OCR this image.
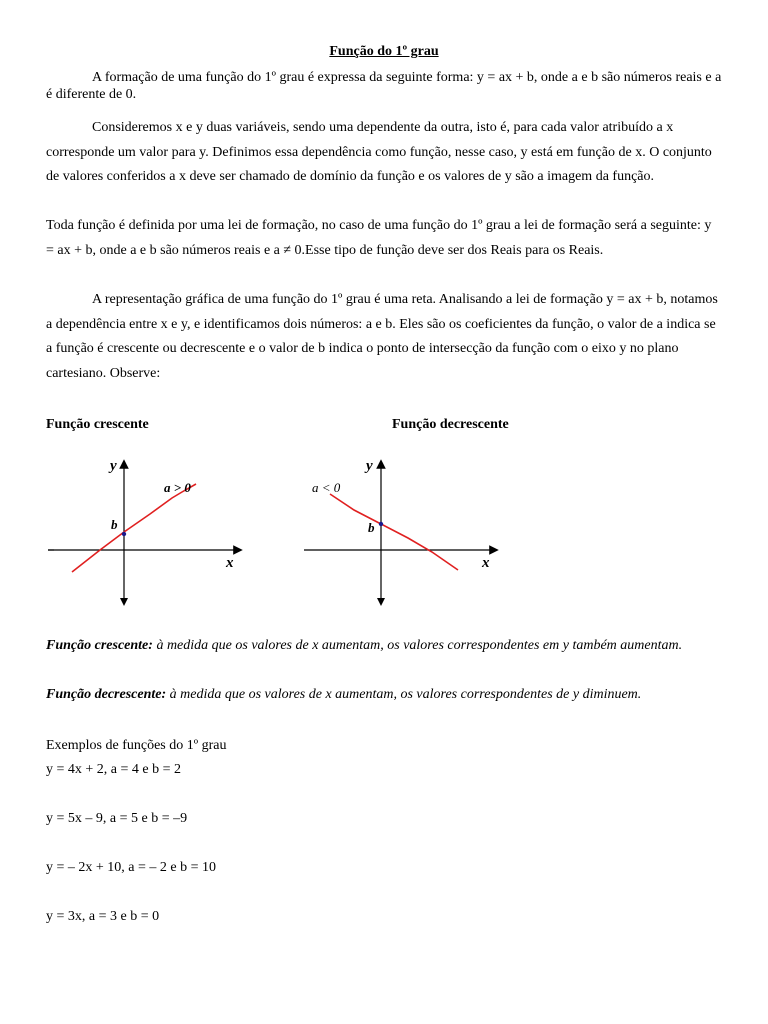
Função do 1º grau

A formação de uma função do 1º grau é expressa da seguinte forma: y = ax + b, onde a e b são números reais e a é diferente de 0.

Consideremos x e y duas variáveis, sendo uma dependente da outra, isto é, para cada valor atribuído a x corresponde um valor para y. Definimos essa dependência como função, nesse caso, y está em função de x. O conjunto de valores conferidos a x deve ser chamado de domínio da função e os valores de y são a imagem da função.

Toda função é definida por uma lei de formação, no caso de uma função do 1º grau a lei de formação será a seguinte: y = ax + b, onde a e b são números reais e a ≠ 0.Esse tipo de função deve ser dos Reais para os Reais.

A representação gráfica de uma função do 1º grau é uma reta. Analisando a lei de formação y = ax + b, notamos a dependência entre x e y, e identificamos dois números: a e b. Eles são os coeficientes da função, o valor de a indica se a função é crescente ou decrescente e o valor de b indica o ponto de intersecção da função com o eixo y no plano cartesiano. Observe:

Função crescente	Função decrescente
y
x
a > 0
b
y
x
a < 0
b

Função crescente: à medida que os valores de x aumentam, os valores correspondentes em y também aumentam.

Função decrescente: à medida que os valores de x aumentam, os valores correspondentes de y diminuem.

Exemplos de funções do 1º grau
y = 4x + 2, a = 4 e b = 2
y = 5x – 9, a = 5 e b = –9
y = – 2x + 10, a = – 2 e b = 10
y = 3x, a = 3 e b = 0
